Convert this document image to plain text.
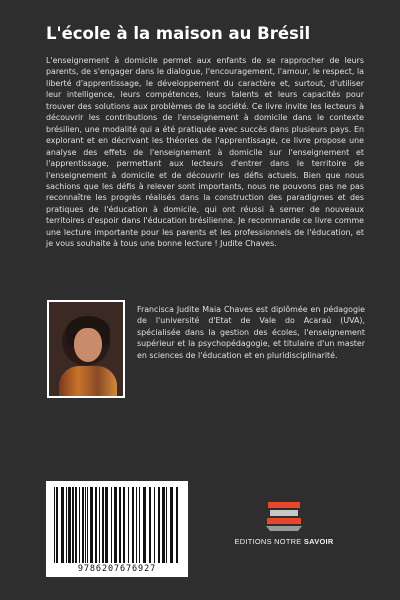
L'école à la maison au Brésil
L'enseignement à domicile permet aux enfants de se rapprocher de leurs parents, de s'engager dans le dialogue, l'encouragement, l'amour, le respect, la liberté d'apprentissage, le développement du caractère et, surtout, d'utiliser leur intelligence, leurs compétences, leurs talents et leurs capacités pour trouver des solutions aux problèmes de la société. Ce livre invite les lecteurs à découvrir les contributions de l'enseignement à domicile dans le contexte brésilien, une modalité qui a été pratiquée avec succès dans plusieurs pays. En explorant et en décrivant les théories de l'apprentissage, ce livre propose une analyse des effets de l'enseignement à domicile sur l'enseignement et l'apprentissage, permettant aux lecteurs d'entrer dans le territoire de l'enseignement à domicile et de découvrir les défis actuels. Bien que nous sachions que les défis à relever sont importants, nous ne pouvons pas ne pas reconnaître les progrès réalisés dans la construction des paradigmes et des pratiques de l'éducation à domicile, qui ont réussi à semer de nouveaux territoires d'espoir dans l'éducation brésilienne. Je recommande ce livre comme une lecture importante pour les parents et les professionnels de l'éducation, et je vous souhaite à tous une bonne lecture ! Judite Chaves.
Francisca Judite Maia Chaves est diplômée en pédagogie de l'université d'Etat de Vale do Acaraú (UVA), spécialisée dans la gestion des écoles, l'enseignement supérieur et la psychopédagogie, et titulaire d'un master en sciences de l'éducation et en pluridisciplinarité.
9786207676927
EDITIONS NOTRE SAVOIR
